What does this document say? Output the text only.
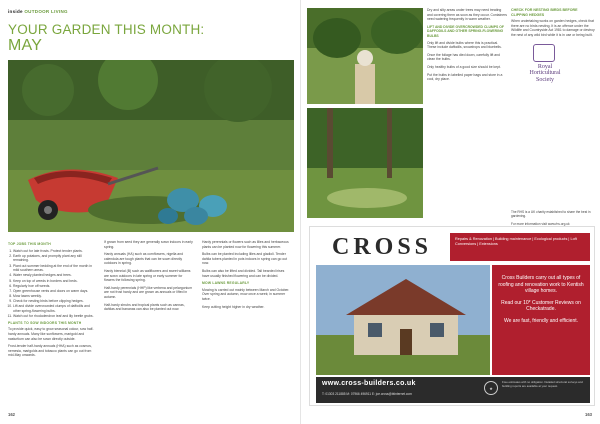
inside OUTDOOR LIVING
YOUR GARDEN THIS MONTH:
MAY
TOP JOBS THIS MONTH
1. Watch out for late frosts. Protect tender plants.
2. Earth up potatoes, and promptly plant any still remaining.
3. Plant out summer bedding at the end of the month in mild southern areas.
4. Water newly planted hedges and trees.
5. Keep on top of weeds in borders and beds.
6. Regularly hoe off weeds.
7. Open greenhouse vents and doors on warm days.
8. Mow lawns weekly.
9. Check for nesting birds before clipping hedges.
10. Lift and divide overcrowded clumps of daffodils and other spring-flowering bulbs.
11. Watch out for rhododendron leaf and lily beetle grubs.
PLANTS TO SOW INDOORS THIS MONTH

To provide quick, easy to grow seasonal colour, sow half-hardy annuals. Many like sunflowers, marigold and nasturtium can also be sown directly outside.

Frost-tender half-hardy annuals (HHA) such as cosmos, nemesia, marigolds and tobacco plants can go out from mid-May onwards.

If grown from seed they are generally sown indoors in early spring.

Hardy annuals (HA) such as cornflowers, nigella and calendula are tough plants that can be sown directly outdoors in spring.

Hardy biennial (B) such as wallflowers and sweet williams are sown outdoors in late spring or early summer for flowers the following spring.

Half-hardy perennials (HHP) like verbena and pelargonium are not frost hardy and are grown as annuals or lifted in autumn.

Half-hardy shrubs and tropical plants such as cannas, dahlias and bananas can also be planted out now.

Hardy perennials or flowers such as lilies and herbaceous plants can be planted now for flowering this summer.

Bulbs can be planted including lilies and gladioli. Tender dahlia tubers planted in pots indoors in spring can go out now.

Bulbs can also be lifted and divided. Tall bearded irises have usually finished flowering and can be divided.

MOW LAWNS REGULARLY

Mowing is carried out mainly between March and October. Over spring and autumn, mow once a week; in summer twice.

Keep cutting height higher in dry weather.

162

Dry and silty areas under trees may need treating and covering them as soon as they occur. Containers need watering frequently in warm weather.

LIFT AND DIVIDE OVERCROWDED CLUMPS OF DAFFODILS AND OTHER SPRING-FLOWERING BULBS

Only lift and divide bulbs where this is practical. These include daffodils, snowdrops and bluebells.

Once the foliage has died down, carefully lift and clean the bulbs.

Only healthy bulbs of a good size should be kept.

Put the bulbs in labelled paper bags and store in a cool, dry place.

CHECK FOR NESTING BIRDS BEFORE CLIPPING HEDGES

When undertaking works on garden hedges, check that there are no birds nesting. It is an offence under the Wildlife and Countryside Act 1981 to damage or destroy the nest of any wild bird while it is in use or being built.

Royal
Horticultural
Society

The RHS is a UK charity established to share the best in gardening.

For more information visit www.rhs.org.uk

CROSS	Repairs & Renovation | Building maintenance | Ecological products | Loft Conversions | Extensions

Cross Builders carry out all types of roofing and renovation work to Kentish village homes.

Read our 10* Customer Reviews on Checkatrade.

We are fast, friendly and efficient.

www.cross-builders.co.uk
T: 01303 211885 M: 07966 496911 E: joe.cross@btinternet.com
★
Free estimates with no obligation. Detailed structural surveys and building reports are available at your request.
163
